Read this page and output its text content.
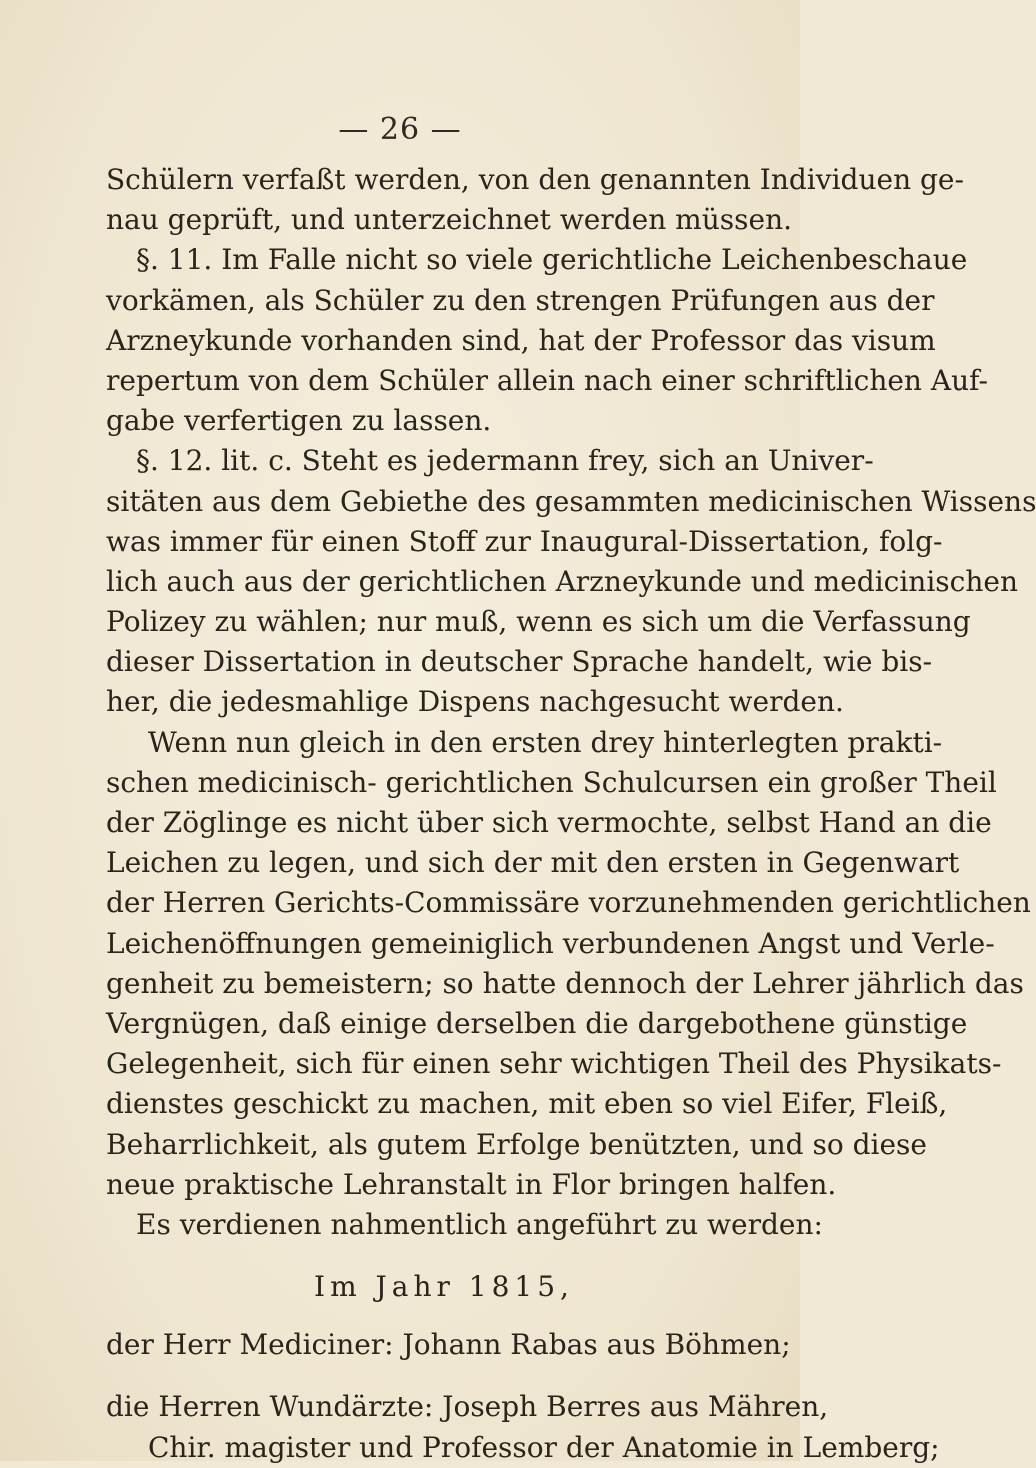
— 26 —
Schülern verfaßt werden, von den genannten Individuen ge-
nau geprüft, und unterzeichnet werden müssen.
§. 11. Im Falle nicht so viele gerichtliche Leichenbeschaue
vorkämen, als Schüler zu den strengen Prüfungen aus der
Arzneykunde vorhanden sind, hat der Professor das visum
repertum von dem Schüler allein nach einer schriftlichen Auf-
gabe verfertigen zu lassen.
§. 12. lit. c. Steht es jedermann frey, sich an Univer-
sitäten aus dem Gebiethe des gesammten medicinischen Wissens
was immer für einen Stoff zur Inaugural-Dissertation, folg-
lich auch aus der gerichtlichen Arzneykunde und medicinischen
Polizey zu wählen; nur muß, wenn es sich um die Verfassung
dieser Dissertation in deutscher Sprache handelt, wie bis-
her, die jedesmahlige Dispens nachgesucht werden.
Wenn nun gleich in den ersten drey hinterlegten prakti-
schen medicinisch- gerichtlichen Schulcursen ein großer Theil
der Zöglinge es nicht über sich vermochte, selbst Hand an die
Leichen zu legen, und sich der mit den ersten in Gegenwart
der Herren Gerichts-Commissäre vorzunehmenden gerichtlichen
Leichenöffnungen gemeiniglich verbundenen Angst und Verle-
genheit zu bemeistern; so hatte dennoch der Lehrer jährlich das
Vergnügen, daß einige derselben die dargebothene günstige
Gelegenheit, sich für einen sehr wichtigen Theil des Physikats-
dienstes geschickt zu machen, mit eben so viel Eifer, Fleiß,
Beharrlichkeit, als gutem Erfolge benützten, und so diese
neue praktische Lehranstalt in Flor bringen halfen.
Es verdienen nahmentlich angeführt zu werden:
Im Jahr 1815,
der Herr Mediciner: Johann Rabas aus Böhmen;
die Herren Wundärzte: Joseph Berres aus Mähren,
Chir. magister und Professor der Anatomie in Lemberg;
